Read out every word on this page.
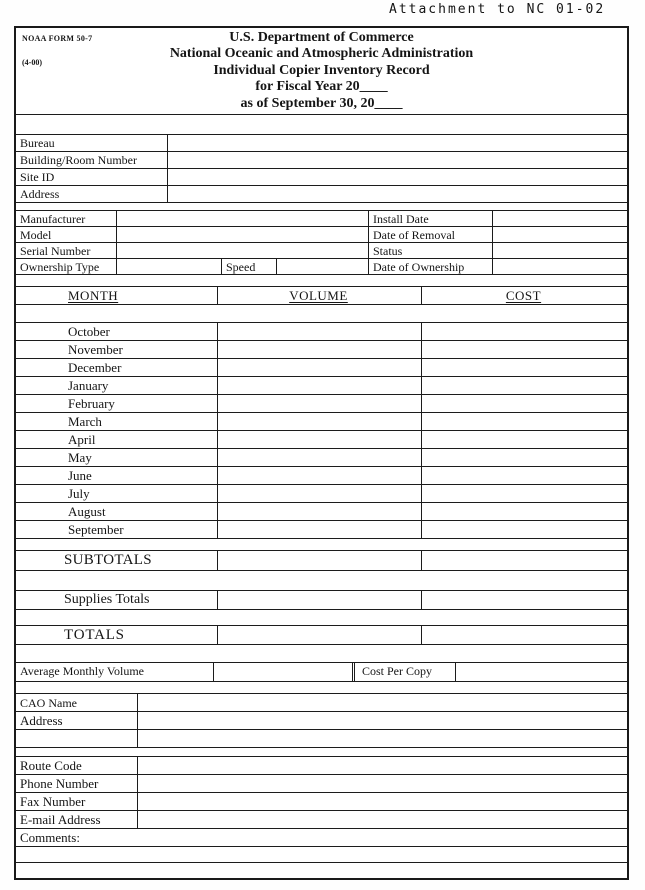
Attachment to NC 01-02
NOAA FORM 50-7
(4-00)
U.S. Department of Commerce
National Oceanic and Atmospheric Administration
Individual Copier Inventory Record
for Fiscal Year 20____
as of September 30, 20____
Bureau
Building/Room Number
Site ID
Address
Manufacturer	Install Date
Model	Date of Removal
Serial Number	Status
Ownership Type	Speed	Date of Ownership
MONTH	VOLUME	COST
October
November
December
January
February
March
April
May
June
July
August
September
SUBTOTALS
Supplies Totals
TOTALS
Average Monthly Volume	Cost Per Copy
CAO Name
Address
Route Code
Phone Number
Fax Number
E-mail Address
Comments:
